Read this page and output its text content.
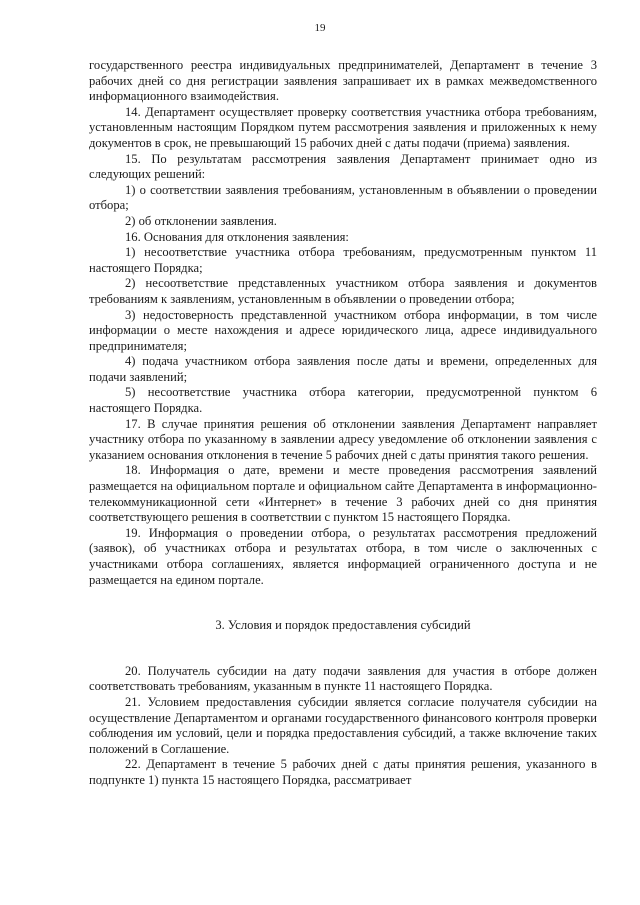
19

государственного реестра индивидуальных предпринимателей, Департамент в течение 3 рабочих дней со дня регистрации заявления запрашивает их в рамках межведомственного информационного взаимодействия.

14. Департамент осуществляет проверку соответствия участника отбора требованиям, установленным настоящим Порядком путем рассмотрения заявления и приложенных к нему документов в срок, не превышающий 15 рабочих дней с даты подачи (приема) заявления.

15. По результатам рассмотрения заявления Департамент принимает одно из следующих решений:

1) о соответствии заявления требованиям, установленным в объявлении о проведении отбора;

2) об отклонении заявления.

16. Основания для отклонения заявления:

1) несоответствие участника отбора требованиям, предусмотренным пунктом 11 настоящего Порядка;

2) несоответствие представленных участником отбора заявления и документов требованиям к заявлениям, установленным в объявлении о проведении отбора;

3) недостоверность представленной участником отбора информации, в том числе информации о месте нахождения и адресе юридического лица, адресе индивидуального предпринимателя;

4) подача участником отбора заявления после даты и времени, определенных для подачи заявлений;

5) несоответствие участника отбора категории, предусмотренной пунктом 6 настоящего Порядка.

17. В случае принятия решения об отклонении заявления Департамент направляет участнику отбора по указанному в заявлении адресу уведомление об отклонении заявления с указанием основания отклонения в течение 5 рабочих дней с даты принятия такого решения.

18. Информация о дате, времени и месте проведения рассмотрения заявлений размещается на официальном портале и официальном сайте Департамента в информационно-телекоммуникационной сети «Интернет» в течение 3 рабочих дней со дня принятия соответствующего решения в соответствии с пунктом 15 настоящего Порядка.

19. Информация о проведении отбора, о результатах рассмотрения предложений (заявок), об участниках отбора и результатах отбора, в том числе о заключенных с участниками отбора соглашениях, является информацией ограниченного доступа и не размещается на едином портале.

3. Условия и порядок предоставления субсидий

20. Получатель субсидии на дату подачи заявления для участия в отборе должен соответствовать требованиям, указанным в пункте 11 настоящего Порядка.

21. Условием предоставления субсидии является согласие получателя субсидии на осуществление Департаментом и органами государственного финансового контроля проверки соблюдения им условий, цели и порядка предоставления субсидий, а также включение таких положений в Соглашение.

22. Департамент в течение 5 рабочих дней с даты принятия решения, указанного в подпункте 1) пункта 15 настоящего Порядка, рассматривает
